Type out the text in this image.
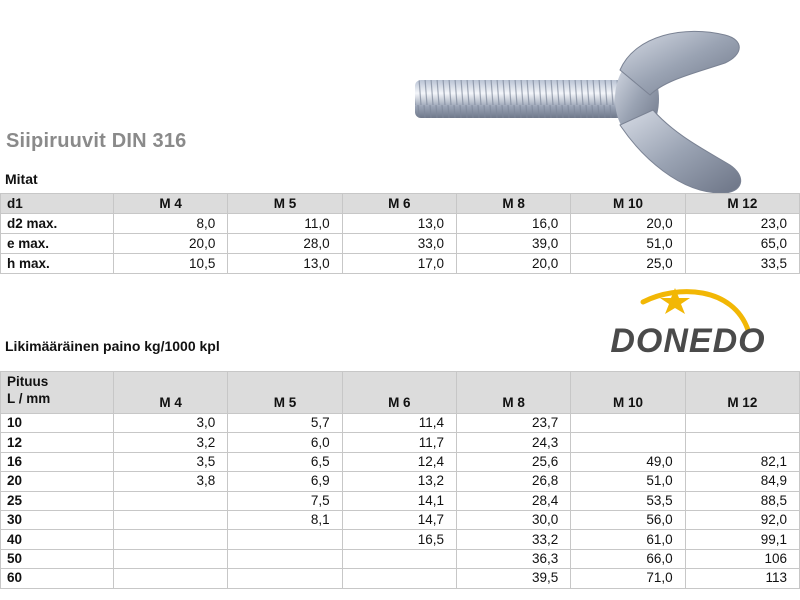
DONEDO
Siipiruuvit DIN 316
Mitat
d1	M 4	M 5	M 6	M 8	M 10	M 12
d2 max.	8,0	11,0	13,0	16,0	20,0	23,0
e max.	20,0	28,0	33,0	39,0	51,0	65,0
h max.	10,5	13,0	17,0	20,0	25,0	33,5
Likimääräinen paino kg/1000 kpl
Pituus
L / mm	M 4	M 5	M 6	M 8	M 10	M 12
10	3,0	5,7	11,4	23,7		
12	3,2	6,0	11,7	24,3		
16	3,5	6,5	12,4	25,6	49,0	82,1
20	3,8	6,9	13,2	26,8	51,0	84,9
25		7,5	14,1	28,4	53,5	88,5
30		8,1	14,7	30,0	56,0	92,0
40			16,5	33,2	61,0	99,1
50				36,3	66,0	106
60				39,5	71,0	113
